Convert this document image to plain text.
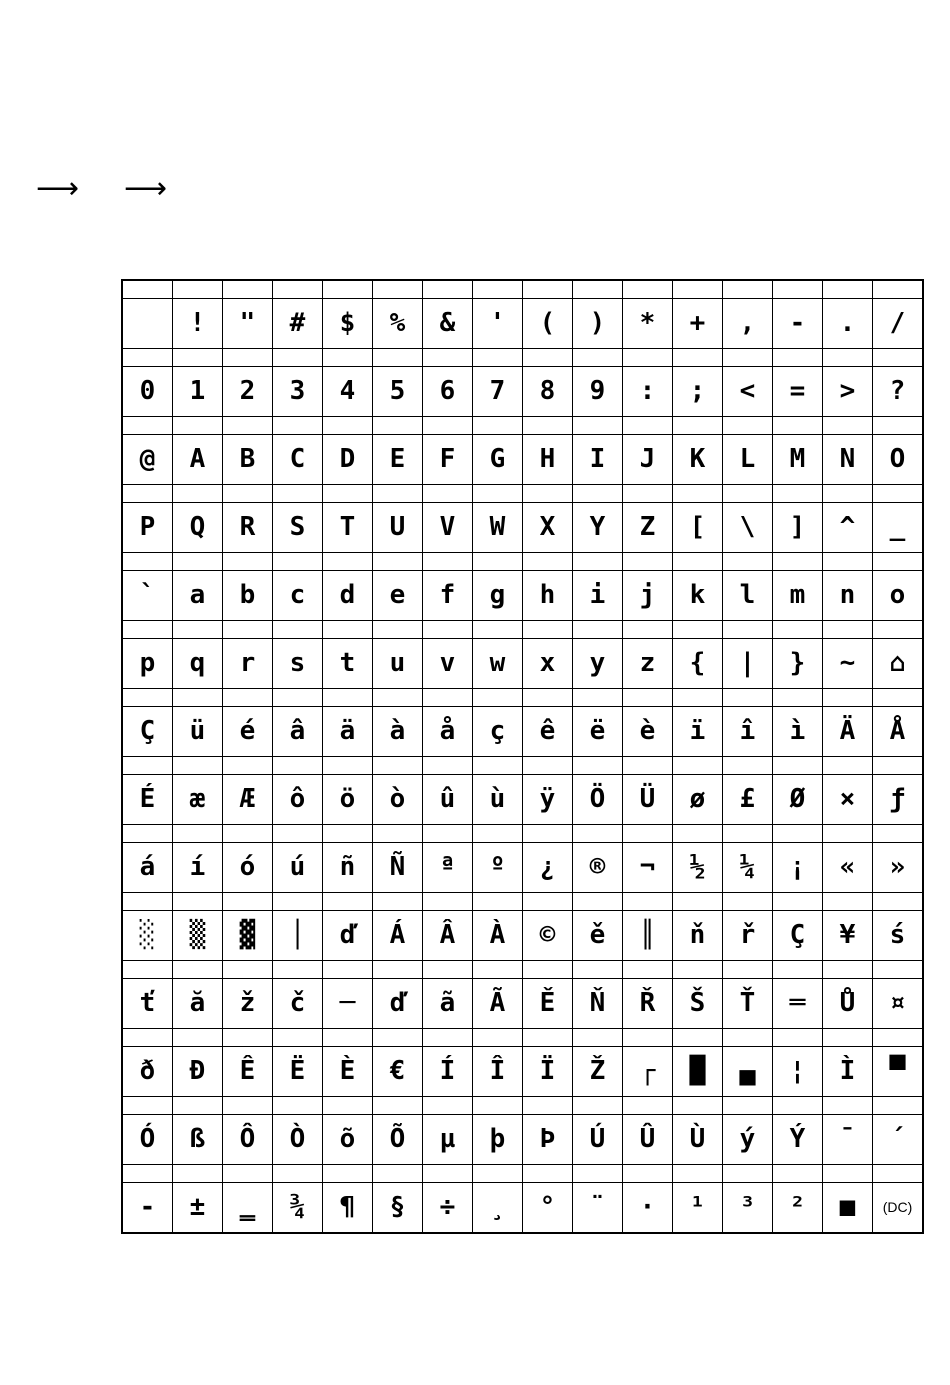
⟶ ⟶

	!	"	#	$	%	&	'	(	)	*	+	,	-	.	/

0	1	2	3	4	5	6	7	8	9	:	;	<	=	>	?

@	A	B	C	D	E	F	G	H	I	J	K	L	M	N	O

P	Q	R	S	T	U	V	W	X	Y	Z	[	\	]	^	_

`	a	b	c	d	e	f	g	h	i	j	k	l	m	n	o

p	q	r	s	t	u	v	w	x	y	z	{	|	}	~	⌂

Ç	ü	é	â	ä	à	å	ç	ê	ë	è	ï	î	ì	Ä	Å

É	æ	Æ	ô	ö	ò	û	ù	ÿ	Ö	Ü	ø	£	Ø	×	ƒ

á	í	ó	ú	ñ	Ñ	ª	º	¿	®	¬	½	¼	¡	«	»

░	▒	▓	│	ď	Á	Â	À	©	ě	║	ň	ř	Ç	¥	ś

ť	ă	ž	č	─	ď	ã	Ã	Ě	Ň	Ř	Š	Ť	═	Ů	¤

ð	Ð	Ê	Ë	È	€	Í	Î	Ï	Ž	┌	█	▄	¦	Ì	▀

Ó	ß	Ô	Ò	õ	Õ	µ	þ	Þ	Ú	Û	Ù	ý	Ý	¯	´

-	±	‗	¾	¶	§	÷	¸	°	¨	·	¹	³	²	■	(DC)
